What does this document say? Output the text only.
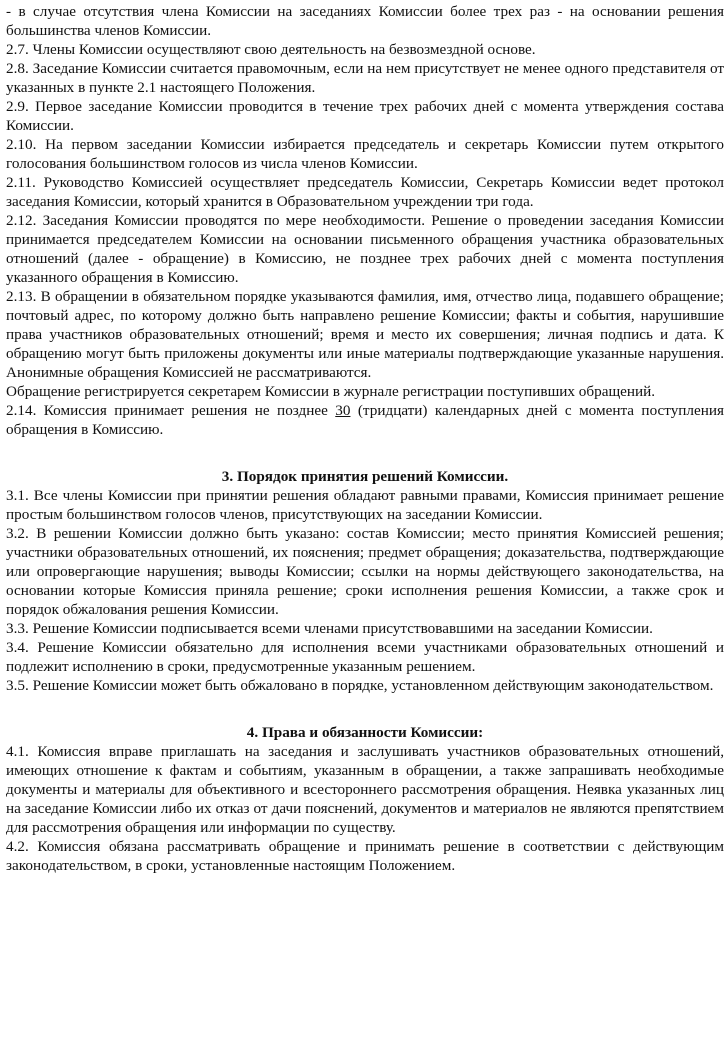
- в случае отсутствия члена Комиссии на заседаниях Комиссии более трех раз - на основании решения большинства членов Комиссии.

2.7. Члены Комиссии осуществляют свою деятельность на безвозмездной основе.

2.8. Заседание Комиссии считается правомочным, если на нем присутствует не менее одного представителя от указанных в пункте 2.1 настоящего Положения.

2.9. Первое заседание Комиссии проводится в течение трех рабочих дней с момента утверждения состава Комиссии.

2.10. На первом заседании Комиссии избирается председатель и секретарь Комиссии путем открытого голосования большинством голосов из числа членов Комиссии.

2.11. Руководство Комиссией осуществляет председатель Комиссии, Секретарь Комиссии ведет протокол заседания Комиссии, который хранится в Образовательном учреждении три года.

2.12. Заседания Комиссии проводятся по мере необходимости. Решение о проведении заседания Комиссии принимается председателем Комиссии на основании письменного обращения участника образовательных отношений (далее - обращение) в Комиссию, не позднее трех рабочих дней с момента поступления указанного обращения в Комиссию.

2.13. В обращении в обязательном порядке указываются фамилия, имя, отчество лица, подавшего обращение; почтовый адрес, по которому должно быть направлено решение Комиссии; факты и события, нарушившие права участников образовательных отношений; время и место их совершения; личная подпись и дата. К обращению могут быть приложены документы или иные материалы подтверждающие указанные нарушения. Анонимные обращения Комиссией не рассматриваются.

Обращение регистрируется секретарем Комиссии в журнале регистрации поступивших обращений.

2.14. Комиссия принимает решения не позднее 30 (тридцати) календарных дней с момента поступления обращения в Комиссию.

3. Порядок принятия решений Комиссии.

3.1. Все члены Комиссии при принятии решения обладают равными правами, Комиссия принимает решение простым большинством голосов членов, присутствующих на заседании Комиссии.

3.2. В решении Комиссии должно быть указано: состав Комиссии; место принятия Комиссией решения; участники образовательных отношений, их пояснения; предмет обращения; доказательства, подтверждающие или опровергающие нарушения; выводы Комиссии; ссылки на нормы действующего законодательства, на основании которые Комиссия приняла решение; сроки исполнения решения Комиссии, а также срок и порядок обжалования решения Комиссии.

3.3. Решение Комиссии подписывается всеми членами присутствовавшими на заседании Комиссии.

3.4. Решение Комиссии обязательно для исполнения всеми участниками образовательных отношений и подлежит исполнению в сроки, предусмотренные указанным решением.

3.5. Решение Комиссии может быть обжаловано в порядке, установленном действующим законодательством.

4. Права и обязанности Комиссии:

4.1. Комиссия вправе приглашать на заседания и заслушивать участников образовательных отношений, имеющих отношение к фактам и событиям, указанным в обращении, а также запрашивать необходимые документы и материалы для объективного и всестороннего рассмотрения обращения. Неявка указанных лиц на заседание Комиссии либо их отказ от дачи пояснений, документов и материалов не являются препятствием для рассмотрения обращения или информации по существу.

4.2. Комиссия обязана рассматривать обращение и принимать решение в соответствии с действующим законодательством, в сроки, установленные настоящим Положением.
